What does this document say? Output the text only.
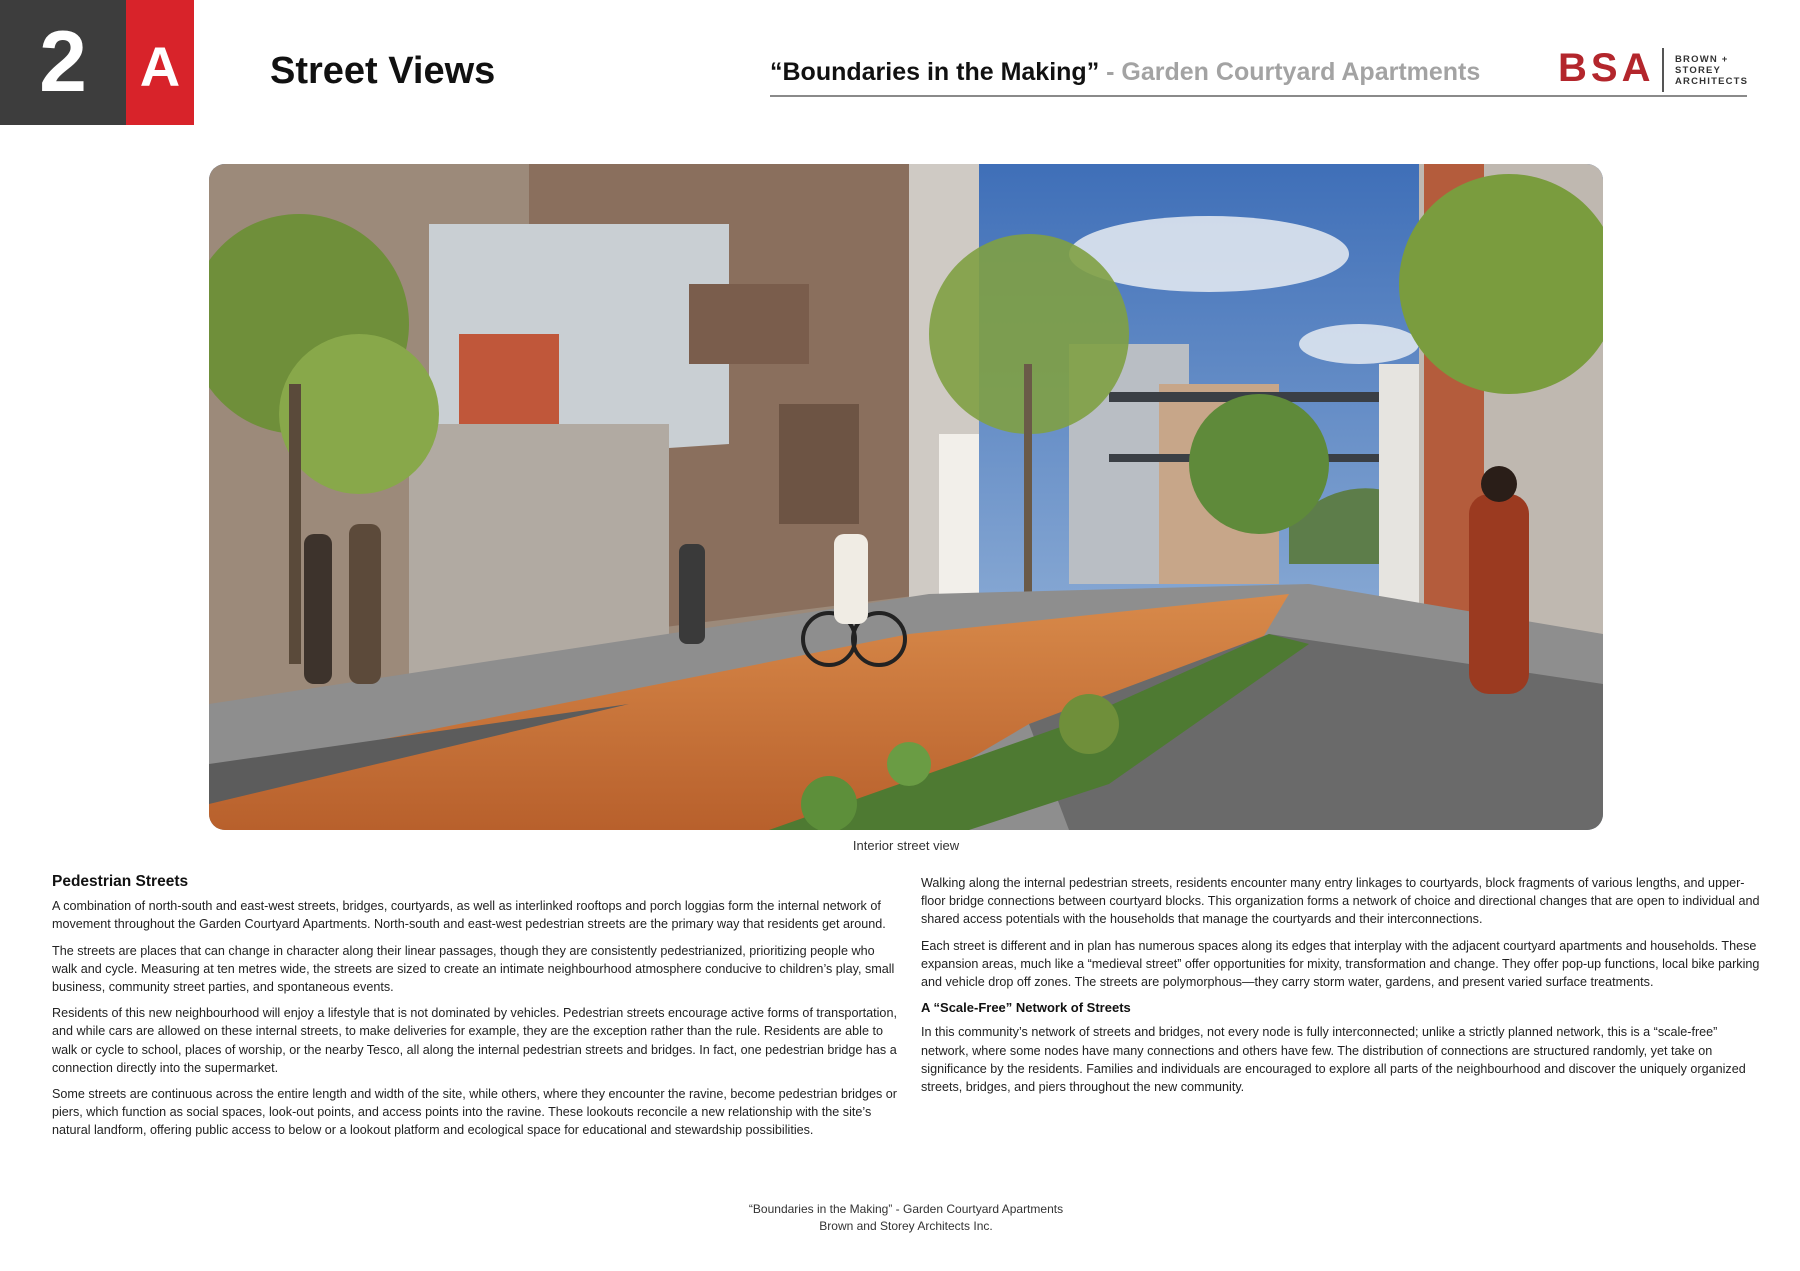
2 A	Street Views	“Boundaries in the Making” - Garden Courtyard Apartments BSA BROWN +
STOREY
ARCHITECTS
Interior street view
Pedestrian Streets

A combination of north-south and east-west streets, bridges, courtyards, as well as interlinked rooftops and porch loggias form the internal network of movement throughout the Garden Courtyard Apartments. North-south and east-west pedestrian streets are the primary way that residents get around.

The streets are places that can change in character along their linear passages, though they are consistently pedestrianized, prioritizing people who walk and cycle. Measuring at ten metres wide, the streets are sized to create an intimate neighbourhood atmosphere conducive to children’s play, small business, community street parties, and spontaneous events.

Residents of this new neighbourhood will enjoy a lifestyle that is not dominated by vehicles. Pedestrian streets encourage active forms of transportation, and while cars are allowed on these internal streets, to make deliveries for example, they are the exception rather than the rule. Residents are able to walk or cycle to school, places of worship, or the nearby Tesco, all along the internal pedestrian streets and bridges. In fact, one pedestrian bridge has a connection directly into the supermarket.

Some streets are continuous across the entire length and width of the site, while others, where they encounter the ravine, become pedestrian bridges or piers, which function as social spaces, look-out points, and access points into the ravine. These lookouts reconcile a new relationship with the site’s natural landform, offering public access to below or a lookout platform and ecological space for educational and stewardship possibilities.

Walking along the internal pedestrian streets, residents encounter many entry linkages to courtyards, block fragments of various lengths, and upper-floor bridge connections between courtyard blocks. This organization forms a network of choice and directional changes that are open to individual and shared access potentials with the households that manage the courtyards and their interconnections.

Each street is different and in plan has numerous spaces along its edges that interplay with the adjacent courtyard apartments and households. These expansion areas, much like a “medieval street” offer opportunities for mixity, transformation and change. They offer pop-up functions, local bike parking and vehicle drop off zones. The streets are polymorphous—they carry storm water, gardens, and present varied surface treatments.

A “Scale-Free” Network of Streets

In this community’s network of streets and bridges, not every node is fully interconnected; unlike a strictly planned network, this is a “scale-free” network, where some nodes have many connections and others have few. The distribution of connections are structured randomly, yet take on significance by the residents. Families and individuals are encouraged to explore all parts of the neighbourhood and discover the uniquely organized streets, bridges, and piers throughout the new community.

“Boundaries in the Making” - Garden Courtyard Apartments
Brown and Storey Architects Inc.
